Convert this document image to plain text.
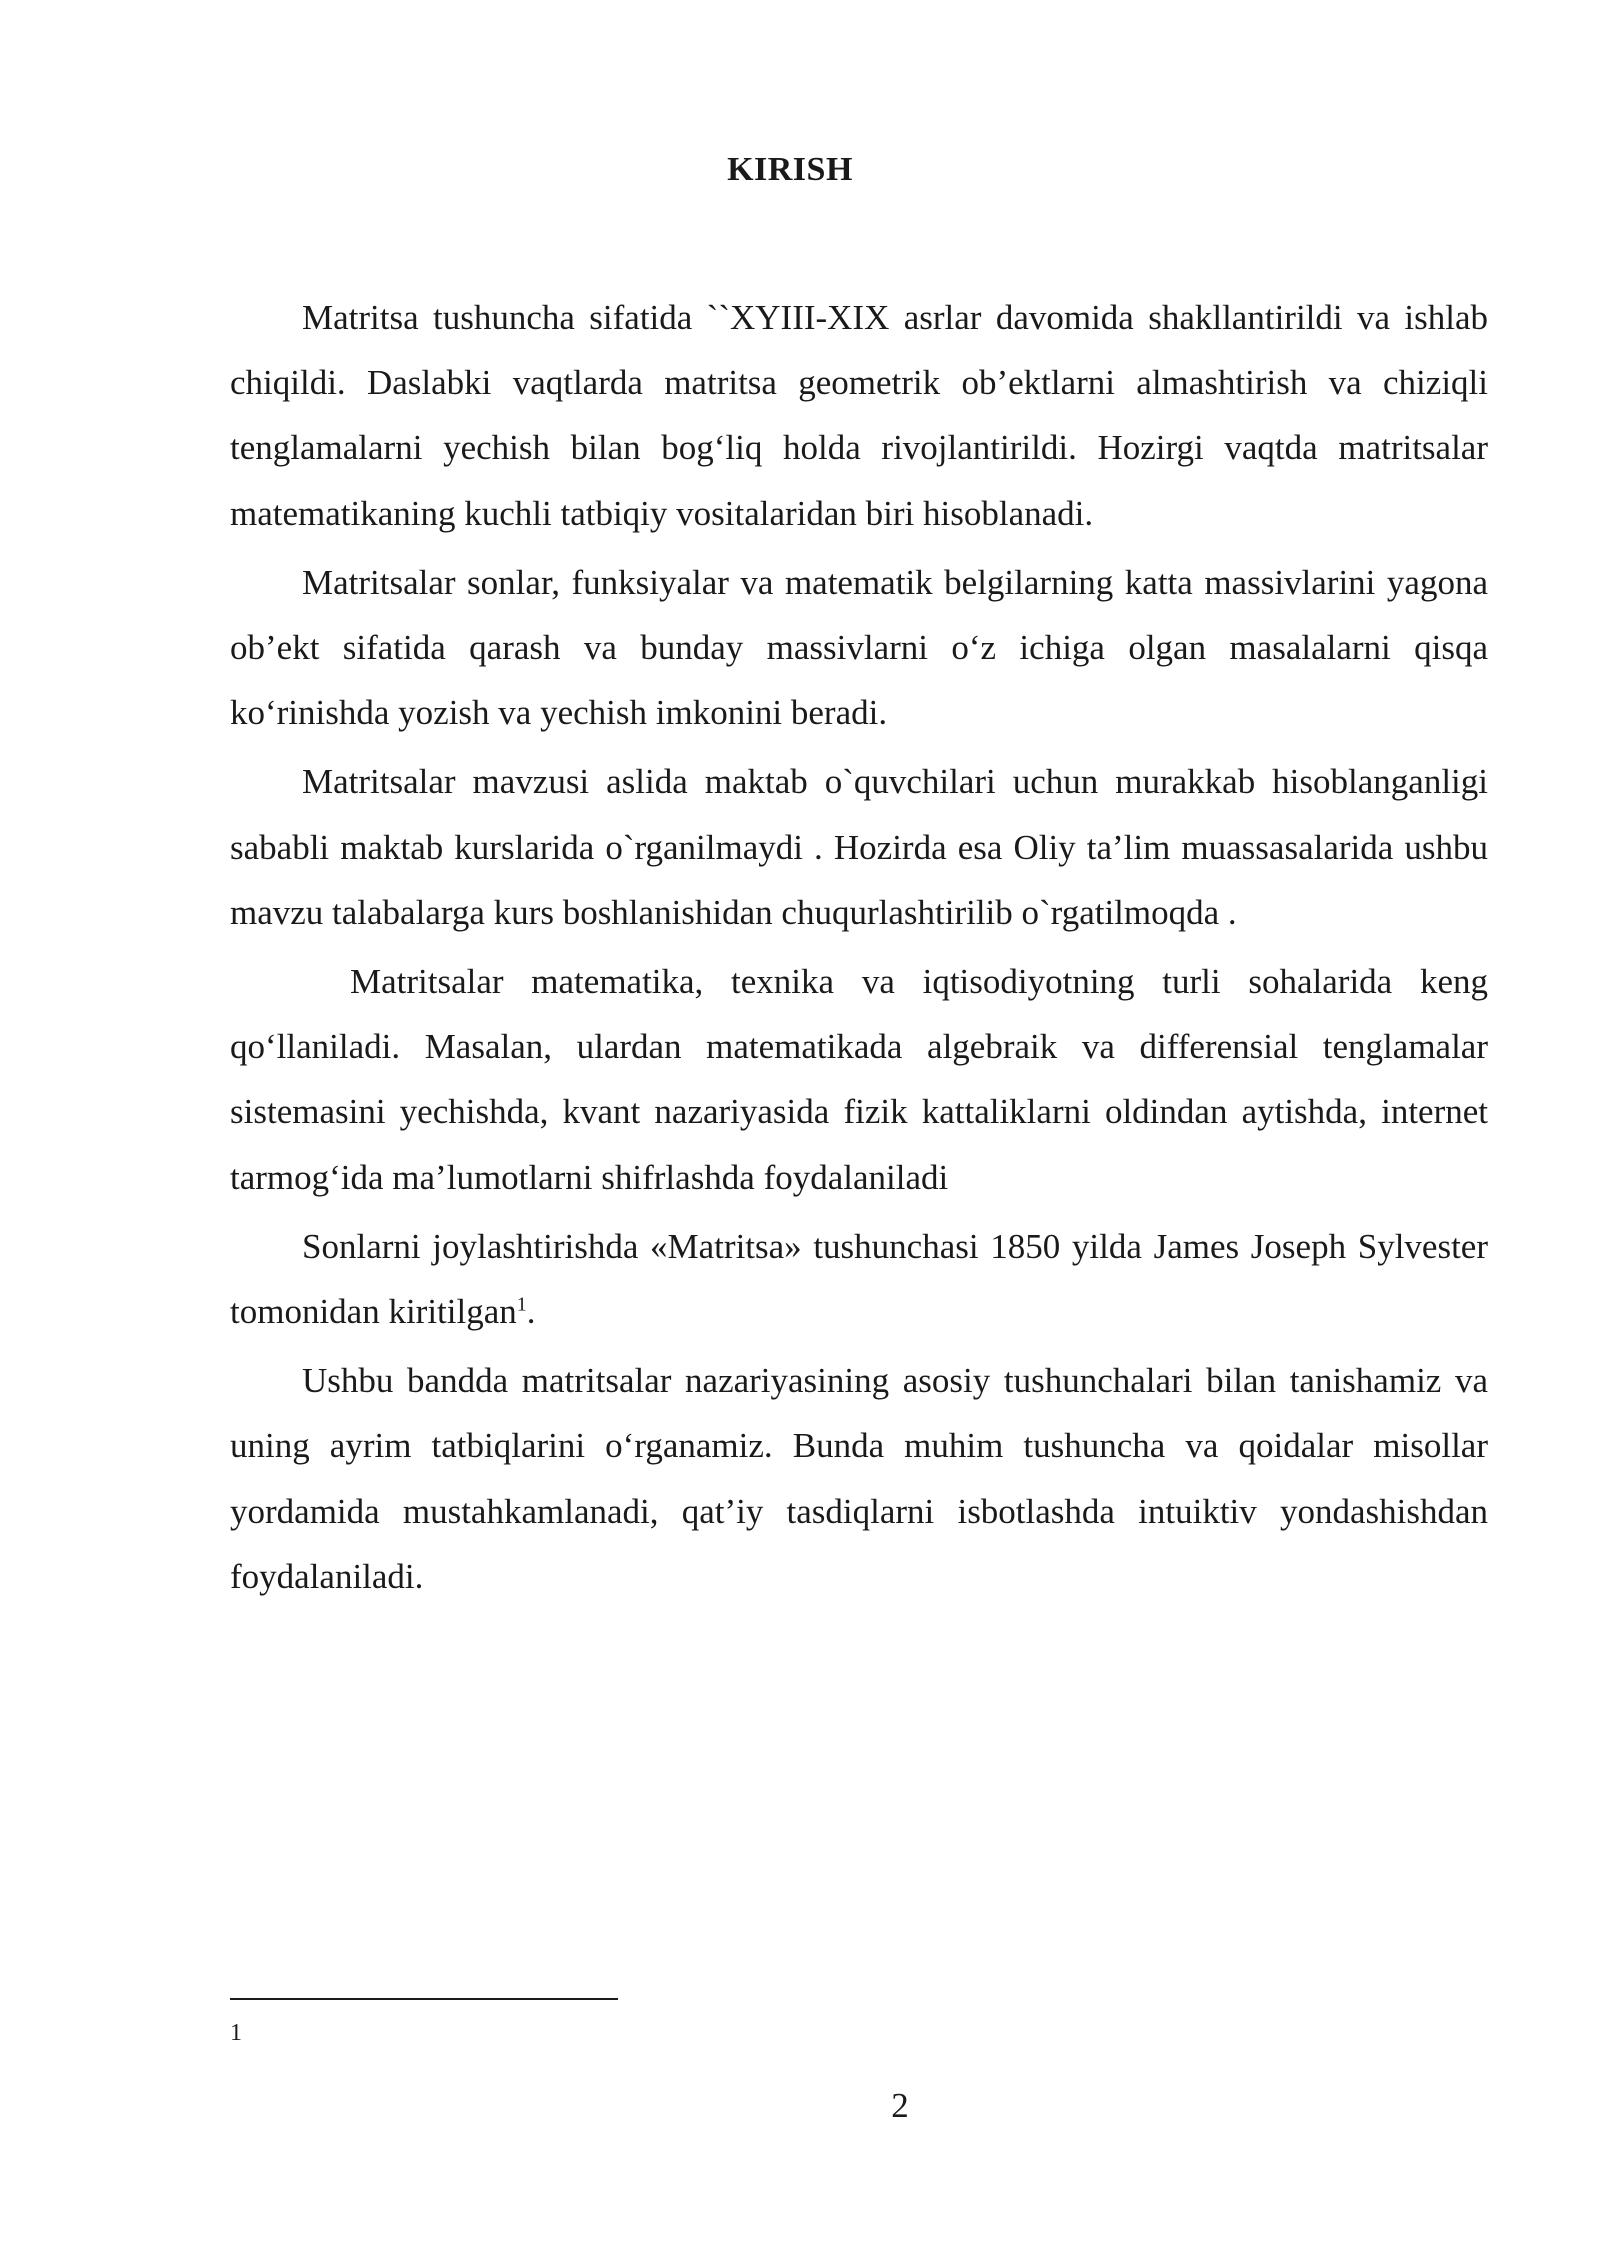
KIRISH

Matritsa tushuncha sifatida ``XYIII-XIX asrlar davomida shakllantirildi va ishlab chiqildi. Daslabki vaqtlarda matritsa geometrik ob’ektlarni almashtirish va chiziqli tenglamalarni yechish bilan bog‘liq holda rivojlantirildi. Hozirgi vaqtda matritsalar matematikaning kuchli tatbiqiy vositalaridan biri hisoblanadi.

Matritsalar sonlar, funksiyalar va matematik belgilarning katta massivlarini yagona ob’ekt sifatida qarash va bunday massivlarni o‘z ichiga olgan masalalarni qisqa ko‘rinishda yozish va yechish imkonini beradi.

Matritsalar mavzusi aslida maktab o`quvchilari uchun murakkab hisoblanganligi sababli maktab kurslarida o`rganilmaydi . Hozirda esa Oliy ta’lim muassasalarida ushbu mavzu talabalarga kurs boshlanishidan chuqurlashtirilib o`rgatilmoqda .

Matritsalar matematika, texnika va iqtisodiyotning turli sohalarida keng qo‘llaniladi. Masalan, ulardan matematikada algebraik va differensial tenglamalar sistemasini yechishda, kvant nazariyasida fizik kattaliklarni oldindan aytishda, internet tarmog‘ida ma’lumotlarni shifrlashda foydalaniladi

Sonlarni joylashtirishda «Matritsa» tushunchasi 1850 yilda James Joseph Sylvester tomonidan kiritilgan$^1$.

Ushbu bandda matritsalar nazariyasining asosiy tushunchalari bilan tanishamiz va uning ayrim tatbiqlarini o‘rganamiz. Bunda muhim tushuncha va qoidalar misollar yordamida mustahkamlanadi, qat’iy tasdiqlarni isbotlashda intuiktiv yondashishdan foydalaniladi.

1
2
